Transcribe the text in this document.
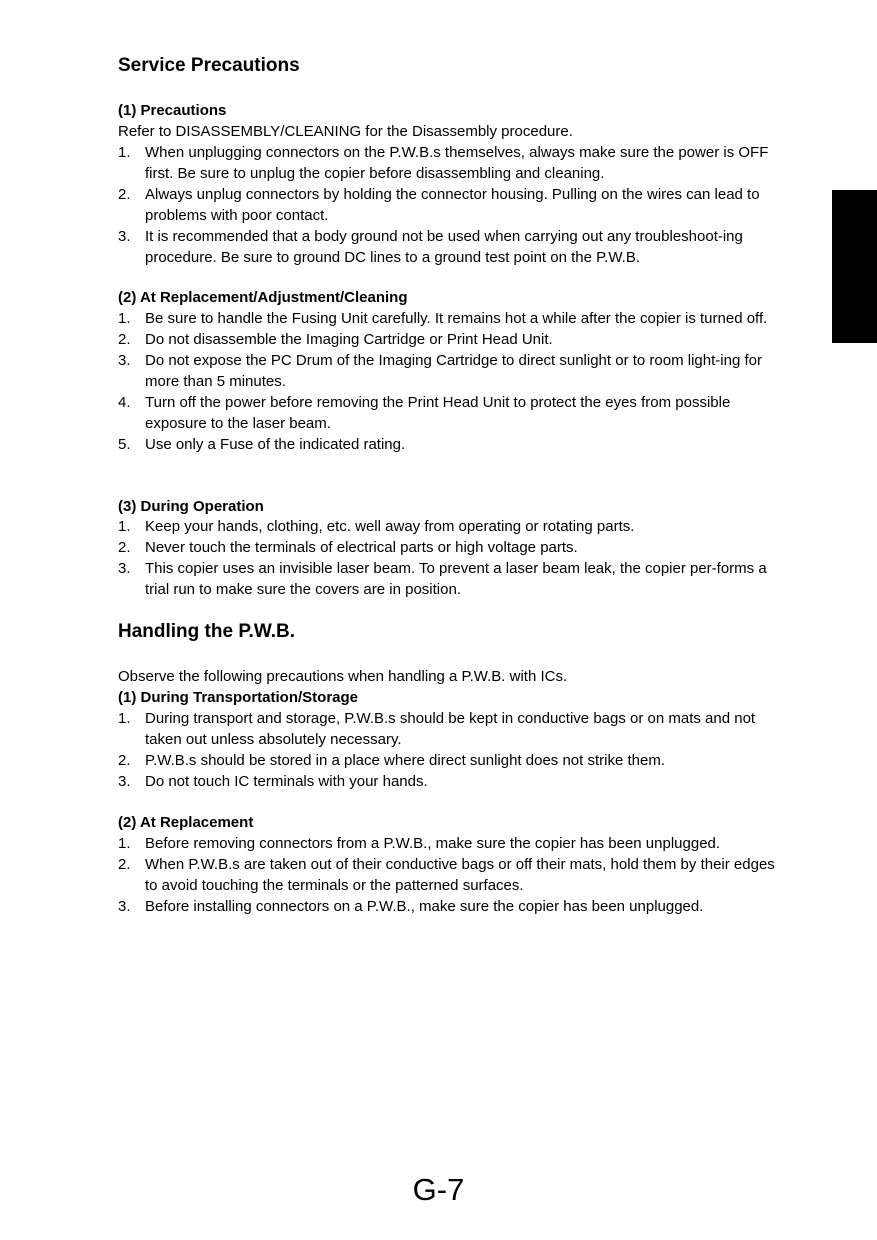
Service Precautions
(1) Precautions
Refer to DISASSEMBLY/CLEANING for the Disassembly procedure.
1. When unplugging connectors on the P.W.B.s themselves, always make sure the power is OFF first. Be sure to unplug the copier before disassembling and cleaning.
2. Always unplug connectors by holding the connector housing. Pulling on the wires can lead to problems with poor contact.
3. It is recommended that a body ground not be used when carrying out any troubleshoot-ing procedure. Be sure to ground DC lines to a ground test point on the P.W.B.
(2) At Replacement/Adjustment/Cleaning
1. Be sure to handle the Fusing Unit carefully. It remains hot a while after the copier is turned off.
2. Do not disassemble the Imaging Cartridge or Print Head Unit.
3. Do not expose the PC Drum of the Imaging Cartridge to direct sunlight or to room light-ing for more than 5 minutes.
4. Turn off the power before removing the Print Head Unit to protect the eyes from possible exposure to the laser beam.
5. Use only a Fuse of the indicated rating.
(3) During Operation
1. Keep your hands, clothing, etc. well away from operating or rotating parts.
2. Never touch the terminals of electrical parts or high voltage parts.
3. This copier uses an invisible laser beam. To prevent a laser beam leak, the copier per-forms a trial run to make sure the covers are in position.
Handling the P.W.B.
Observe the following precautions when handling a P.W.B. with ICs.
(1) During Transportation/Storage
1. During transport and storage, P.W.B.s should be kept in conductive bags or on mats and not taken out unless absolutely necessary.
2. P.W.B.s should be stored in a place where direct sunlight does not strike them.
3. Do not touch IC terminals with your hands.
(2) At Replacement
1. Before removing connectors from a P.W.B., make sure the copier has been unplugged.
2. When P.W.B.s are taken out of their conductive bags or off their mats, hold them by their edges to avoid touching the terminals or the patterned surfaces.
3. Before installing connectors on a P.W.B., make sure the copier has been unplugged.
G-7
